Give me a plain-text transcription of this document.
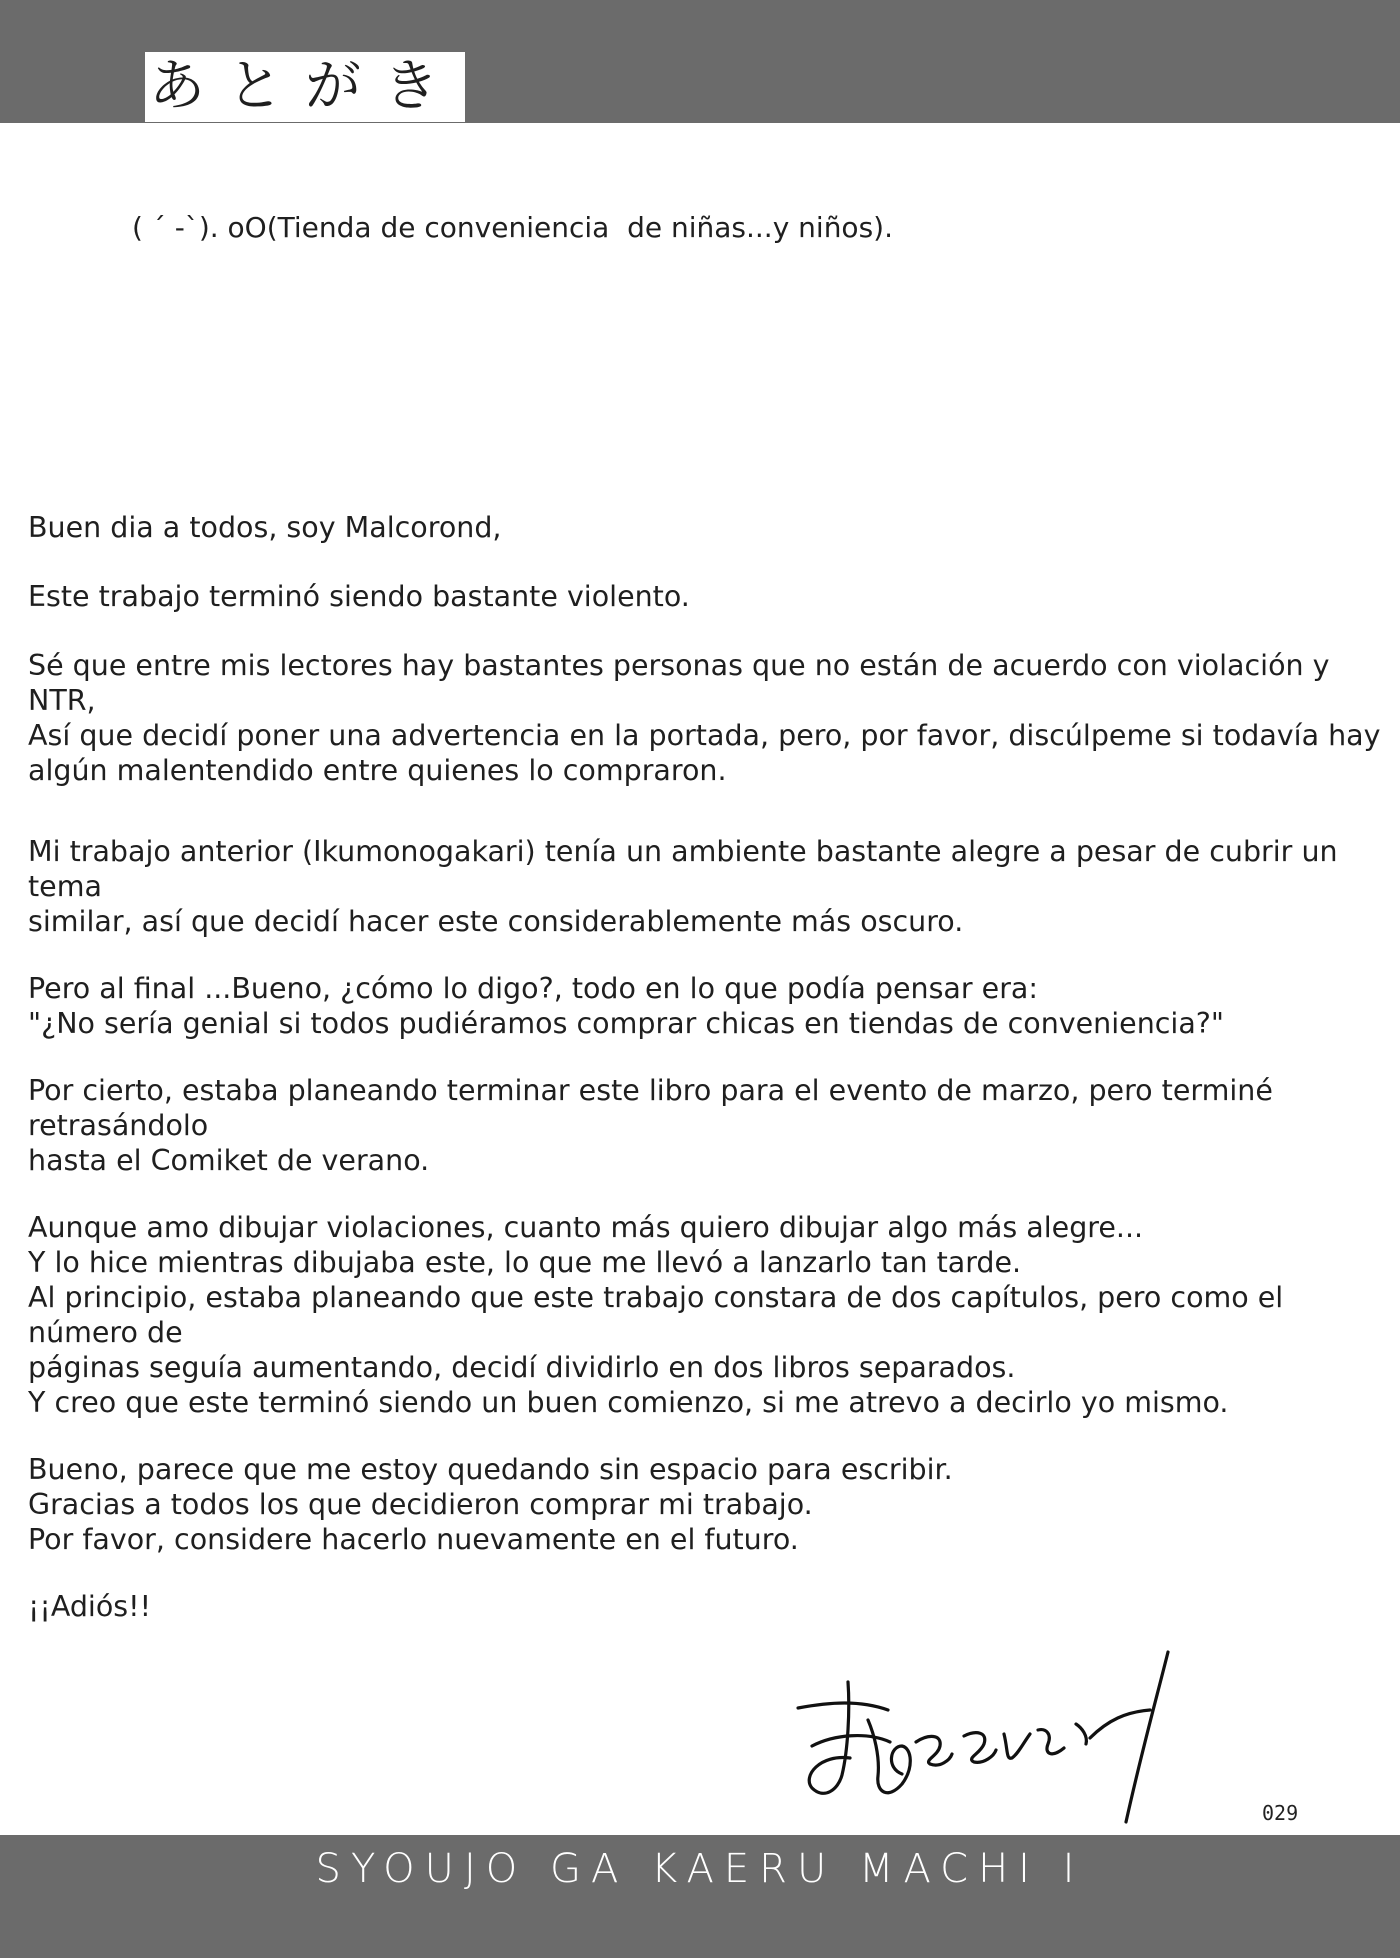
あとがき
( ´ -`). oO(Tienda de conveniencia  de niñas...y niños).

Buen dia a todos, soy Malcorond,

Este trabajo terminó siendo bastante violento.

Sé que entre mis lectores hay bastantes personas que no están de acuerdo con violación y NTR,
Así que decidí poner una advertencia en la portada, pero, por favor, discúlpeme si todavía hay
algún malentendido entre quienes lo compraron.

Mi trabajo anterior (Ikumonogakari) tenía un ambiente bastante alegre a pesar de cubrir un tema
similar, así que decidí hacer este considerablemente más oscuro.

Pero al final ...Bueno, ¿cómo lo digo?, todo en lo que podía pensar era:
"¿No sería genial si todos pudiéramos comprar chicas en tiendas de conveniencia?"

Por cierto, estaba planeando terminar este libro para el evento de marzo, pero terminé retrasándolo
hasta el Comiket de verano.

Aunque amo dibujar violaciones, cuanto más quiero dibujar algo más alegre...
Y lo hice mientras dibujaba este, lo que me llevó a lanzarlo tan tarde.
Al principio, estaba planeando que este trabajo constara de dos capítulos, pero como el número de
páginas seguía aumentando, decidí dividirlo en dos libros separados.
Y creo que este terminó siendo un buen comienzo, si me atrevo a decirlo yo mismo.

Bueno, parece que me estoy quedando sin espacio para escribir.
Gracias a todos los que decidieron comprar mi trabajo.
Por favor, considere hacerlo nuevamente en el futuro.

¡¡Adiós!!

029
SYOUJO GA KAERU MACHI I
